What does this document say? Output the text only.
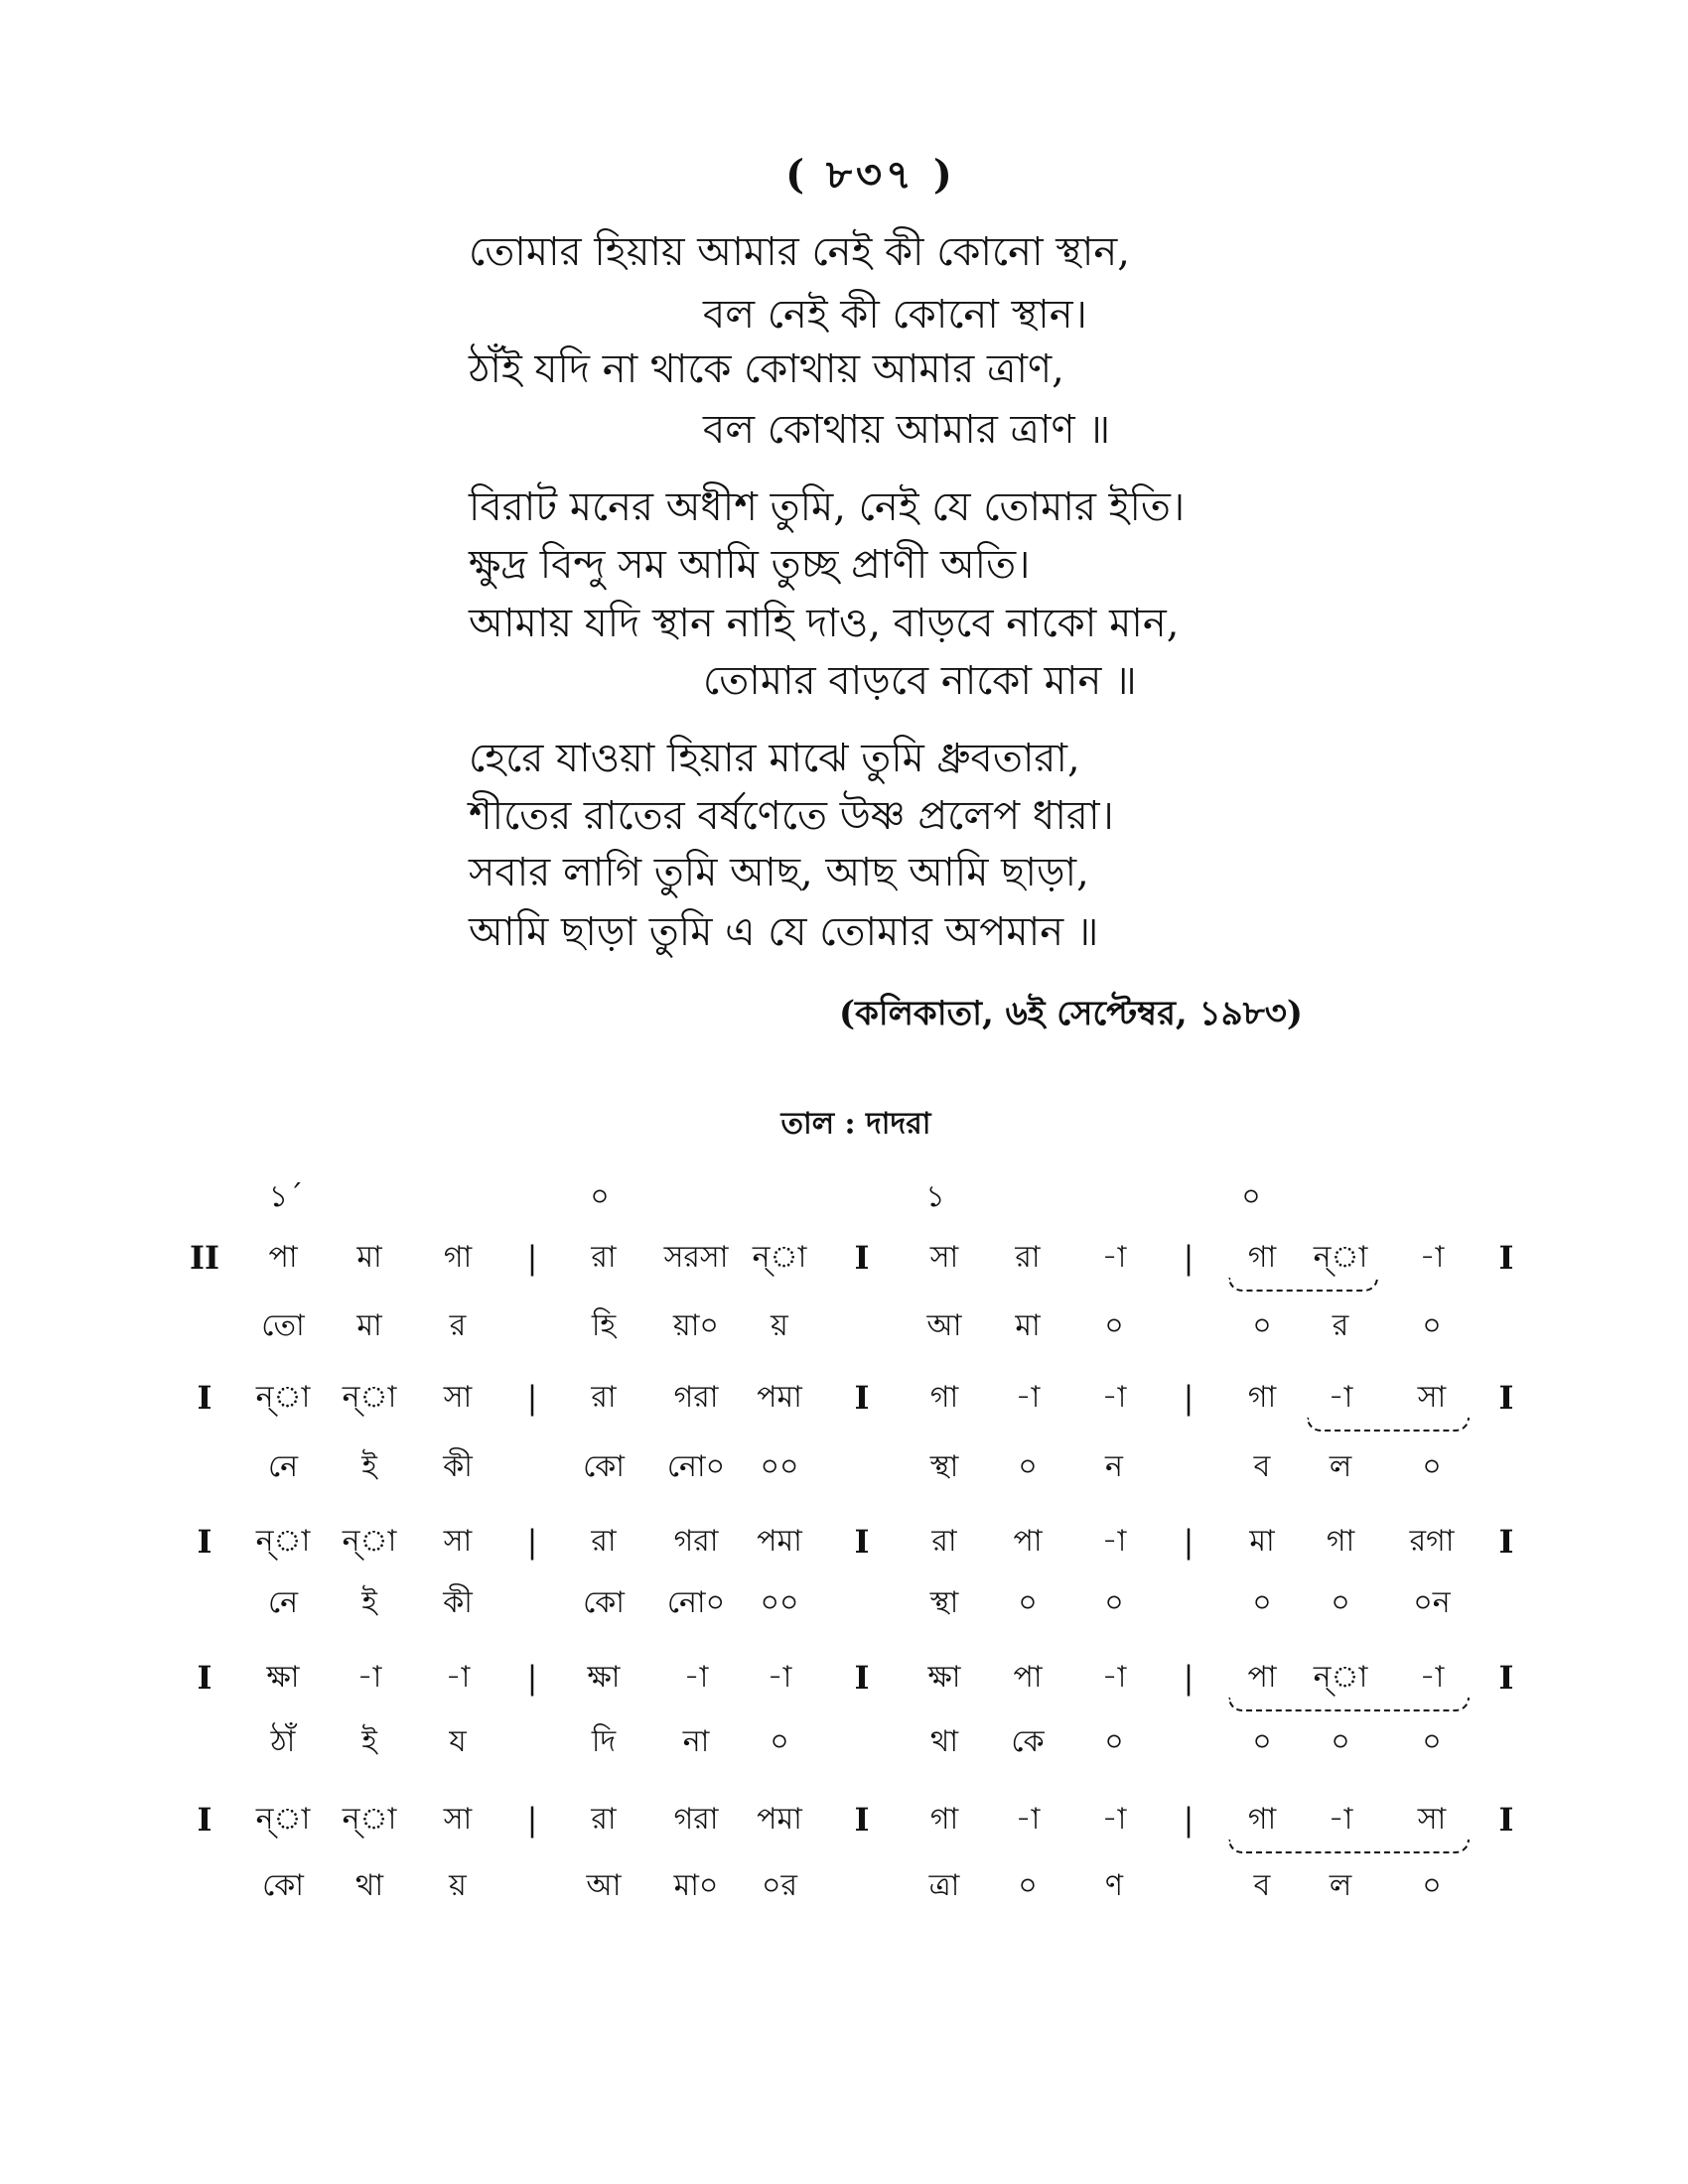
( ৮৩৭ )
তোমার হিয়ায় আমার নেই কী কোনো স্থান,
বল নেই কী কোনো স্থান।
ঠাঁই যদি না থাকে কোথায় আমার ত্রাণ,
বল কোথায় আমার ত্রাণ ॥
বিরাট মনের অধীশ তুমি, নেই যে তোমার ইতি।
ক্ষুদ্র বিন্দু সম আমি তুচ্ছ প্রাণী অতি।
আমায় যদি স্থান নাহি দাও, বাড়বে নাকো মান,
তোমার বাড়বে নাকো মান ॥
হেরে যাওয়া হিয়ার মাঝে তুমি ধ্রুবতারা,
শীতের রাতের বর্ষণেতে উষ্ণ প্রলেপ ধারা।
সবার লাগি তুমি আছ, আছ আমি ছাড়া,
আমি ছাড়া তুমি এ যে তোমার অপমান ॥
(কলিকাতা, ৬ই সেপ্টেম্বর, ১৯৮৩)
তাল : দাদরা
১´	০	১	০
II পা মা গা	রা সরসা ন্‌া	সা রা -া	গা ন্‌া -া
|	I	|	I
তো মা র	হি য়া০ য়	আ মা ০	০ র ০
I ন্‌া ন্‌া সা	রা গরা পমা	গা -া -া	গা -া সা
|	I	|	I
নে ই কী	কো নো০ ০০	স্থা ০ ন	ব ল ০
I ন্‌া ন্‌া সা	রা গরা পমা	রা পা -া	মা গা রগা
|	I	|	I
নে ই কী	কো নো০ ০০	স্থা ০ ০	০ ০ ০ন
I ক্ষা -া -া	ক্ষা -া -া	ক্ষা পা -া	পা ন্‌া -া
|	I	|	I
ঠাঁ ই য	দি না ০	থা কে ০	০ ০ ০
I ন্‌া ন্‌া সা	রা গরা পমা	গা -া -া	গা -া সা
|	I	|	I
কো থা য়	আ মা০ ০র	ত্রা ০ ণ	ব ল ০
